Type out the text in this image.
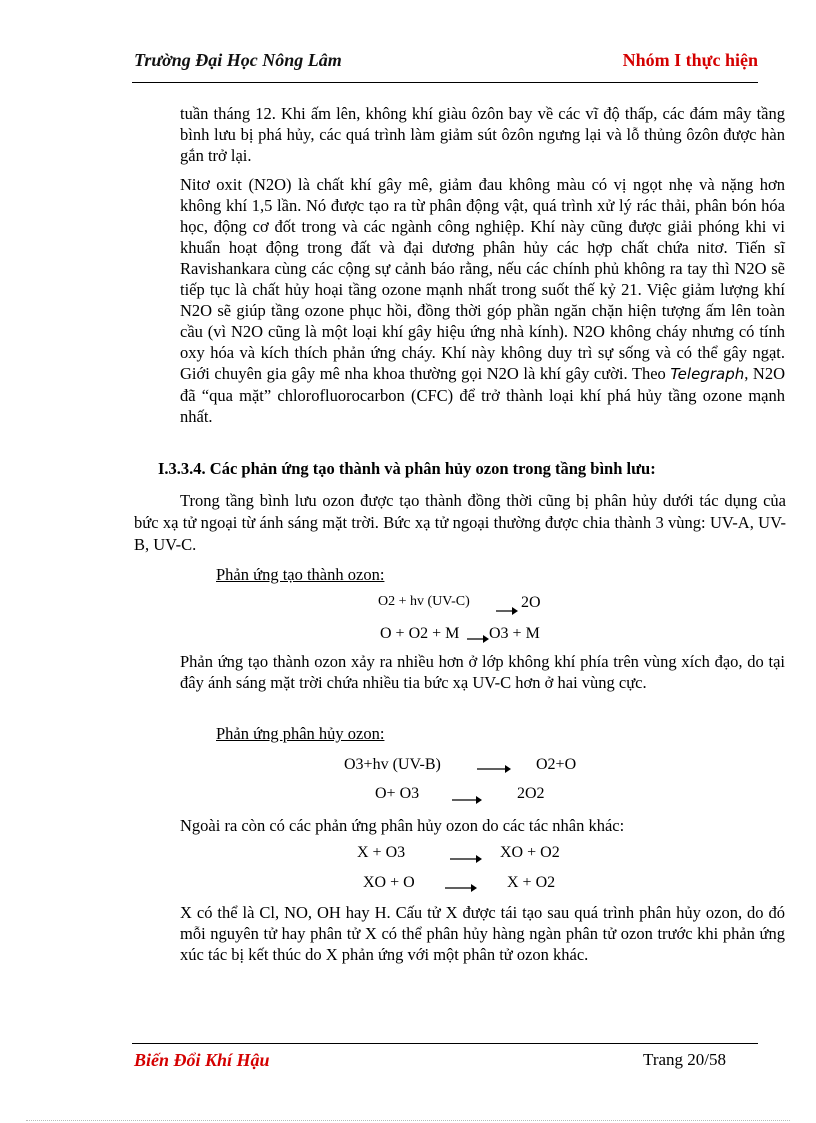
Trường Đại Học Nông Lâm	Nhóm I thực hiện
tuần tháng 12. Khi ấm lên, không khí giàu ôzôn bay về các vĩ độ thấp, các đám mây tầng bình lưu bị phá hủy, các quá trình làm giảm sút ôzôn ngưng lại và lỗ thủng ôzôn được hàn gắn trở lại.
Nitơ oxit (N2O) là chất khí gây mê, giảm đau không màu có vị ngọt nhẹ và nặng hơn không khí 1,5 lần. Nó được tạo ra từ phân động vật, quá trình xử lý rác thải, phân bón hóa học, động cơ đốt trong và các ngành công nghiệp. Khí này cũng được giải phóng khi vi khuẩn hoạt động trong đất và đại dương phân hủy các hợp chất chứa nitơ. Tiến sĩ Ravishankara cùng các cộng sự cảnh báo rằng, nếu các chính phủ không ra tay thì N2O sẽ tiếp tục là chất hủy hoại tầng ozone mạnh nhất trong suốt thế kỷ 21. Việc giảm lượng khí N2O sẽ giúp tầng ozone phục hồi, đồng thời góp phần ngăn chặn hiện tượng ấm lên toàn cầu (vì N2O cũng là một loại khí gây hiệu ứng nhà kính). N2O không cháy nhưng có tính oxy hóa và kích thích phản ứng cháy. Khí này không duy trì sự sống và có thể gây ngạt. Giới chuyên gia gây mê nha khoa thường gọi N2O là khí gây cười. Theo Telegraph, N2O đã “qua mặt” chlorofluorocarbon (CFC) để trở thành loại khí phá hủy tầng ozone mạnh nhất.
I.3.3.4. Các phản ứng tạo thành và phân hủy ozon trong tầng bình lưu:
Trong tầng bình lưu ozon được tạo thành đồng thời cũng bị phân hủy dưới tác dụng của bức xạ tử ngoại từ ánh sáng mặt trời. Bức xạ tử ngoại thường được chia thành 3 vùng: UV-A, UV-B, UV-C.
Phản ứng tạo thành ozon:
O2 + hv (UV-C) → 2O
O + O2 + M → O3 + M
Phản ứng tạo thành ozon xảy ra nhiều hơn ở lớp không khí phía trên vùng xích đạo, do tại đây ánh sáng mặt trời chứa nhiều tia bức xạ UV-C hơn ở hai vùng cực.
Phản ứng phân hủy ozon:
O3+hv (UV-B)	O2+O
O+ O3	2O2
Ngoài ra còn có các phản ứng phân hủy ozon do các tác nhân khác:
X + O3	→ XO + O2
XO + O	X + O2
X có thể là Cl, NO, OH hay H. Cấu tử X được tái tạo sau quá trình phân hủy ozon, do đó mỗi nguyên tử hay phân tử X có thể phân hủy hàng ngàn phân tử ozon trước khi phản ứng xúc tác bị kết thúc do X phản ứng với một phân tử ozon khác.
Biến Đổi Khí Hậu	Trang 20/58
